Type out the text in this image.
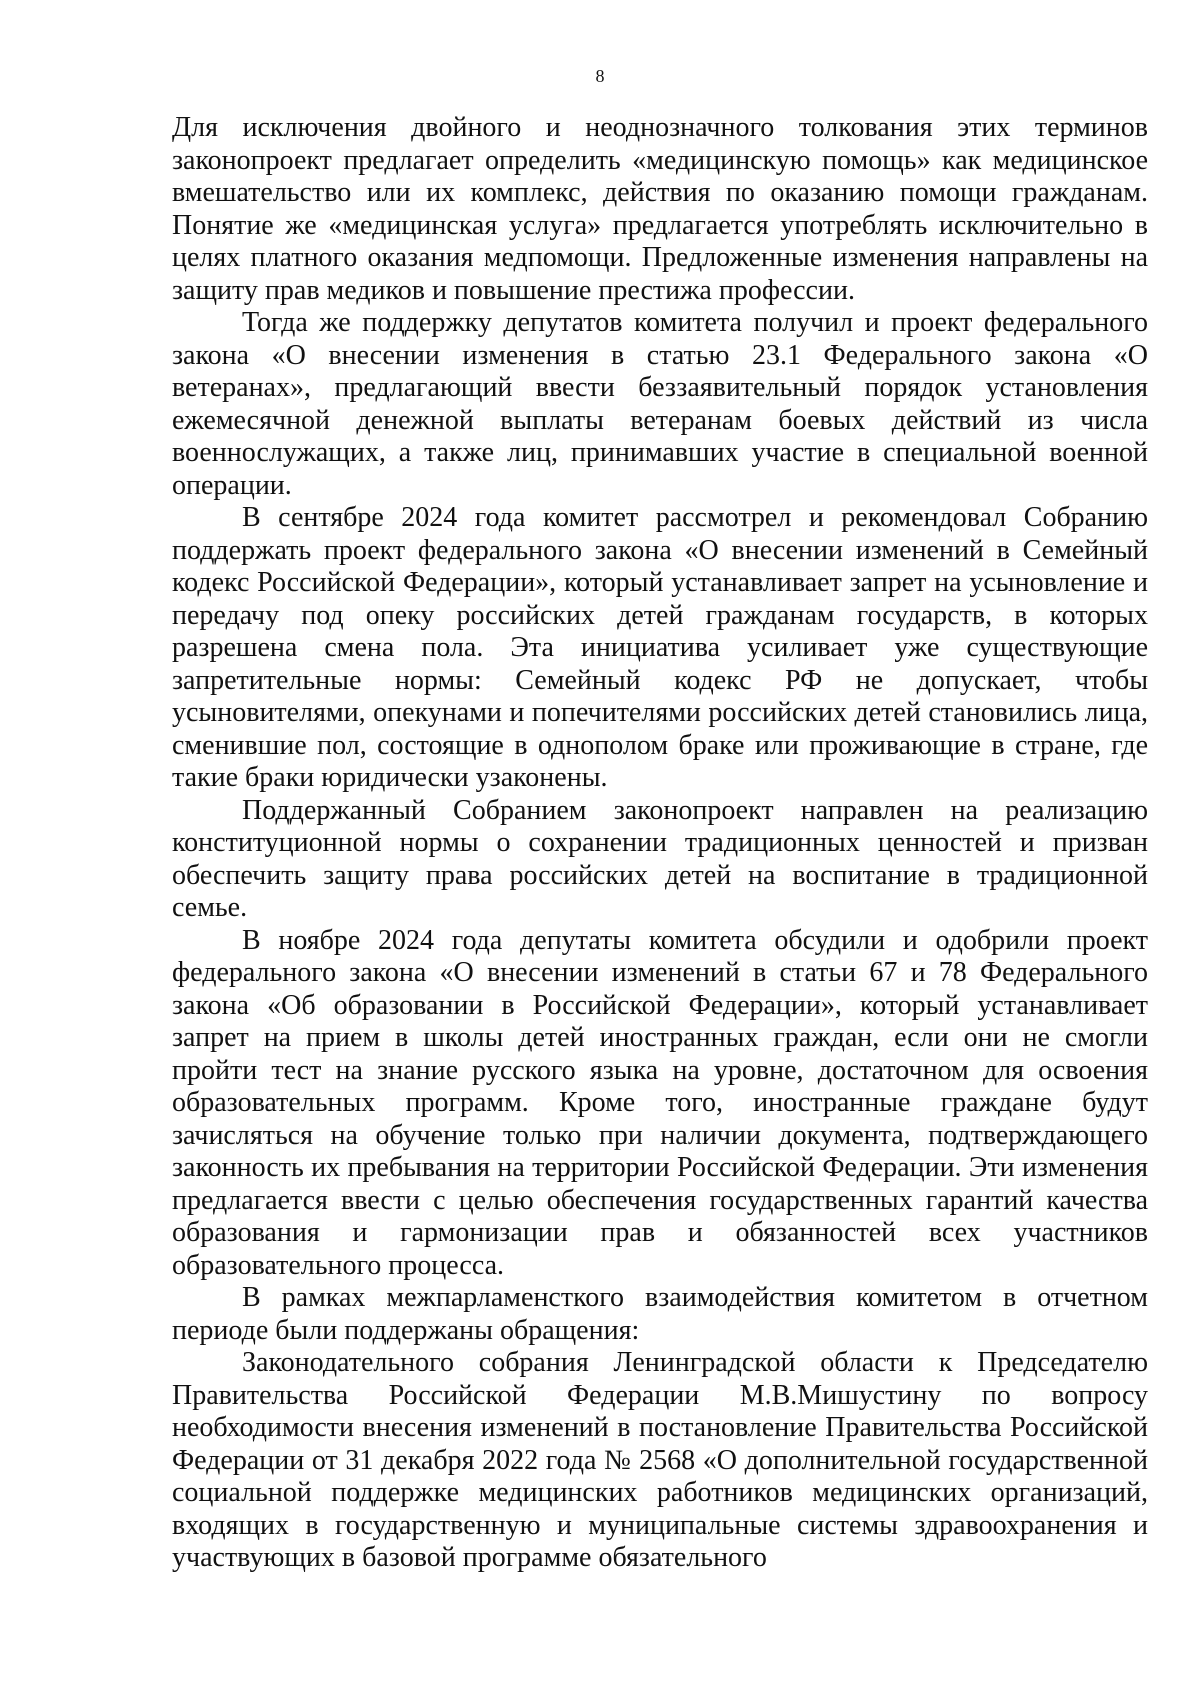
8

Для исключения двойного и неоднозначного толкования этих терминов законопроект предлагает определить «медицинскую помощь» как медицинское вмешательство или их комплекс, действия по оказанию помощи гражданам. Понятие же «медицинская услуга» предлагается употреблять исключительно в целях платного оказания медпомощи. Предложенные изменения направлены на защиту прав медиков и повышение престижа профессии.

Тогда же поддержку депутатов комитета получил и проект федерального закона «О внесении изменения в статью 23.1 Федерального закона «О ветеранах», предлагающий ввести беззаявительный порядок установления ежемесячной денежной выплаты ветеранам боевых действий из числа военнослужащих, а также лиц, принимавших участие в специальной военной операции.

В сентябре 2024 года комитет рассмотрел и рекомендовал Собранию поддержать проект федерального закона «О внесении изменений в Семейный кодекс Российской Федерации», который устанавливает запрет на усыновление и передачу под опеку российских детей гражданам государств, в которых разрешена смена пола. Эта инициатива усиливает уже существующие запретительные нормы: Семейный кодекс РФ не допускает, чтобы усыновителями, опекунами и попечителями российских детей становились лица, сменившие пол, состоящие в однополом браке или проживающие в стране, где такие браки юридически узаконены.

Поддержанный Собранием законопроект направлен на реализацию конституционной нормы о сохранении традиционных ценностей и призван обеспечить защиту права российских детей на воспитание в традиционной семье.

В ноябре 2024 года депутаты комитета обсудили и одобрили проект федерального закона «О внесении изменений в статьи 67 и 78 Федерального закона «Об образовании в Российской Федерации», который устанавливает запрет на прием в школы детей иностранных граждан, если они не смогли пройти тест на знание русского языка на уровне, достаточном для освоения образовательных программ. Кроме того, иностранные граждане будут зачисляться на обучение только при наличии документа, подтверждающего законность их пребывания на территории Российской Федерации. Эти изменения предлагается ввести с целью обеспечения государственных гарантий качества образования и гармонизации прав и обязанностей всех участников образовательного процесса.

В рамках межпарламенсткого взаимодействия комитетом в отчетном периоде были поддержаны обращения:

Законодательного собрания Ленинградской области к Председателю Правительства Российской Федерации М.В.Мишустину по вопросу необходимости внесения изменений в постановление Правительства Российской Федерации от 31 декабря 2022 года № 2568 «О дополнительной государственной социальной поддержке медицинских работников медицинских организаций, входящих в государственную и муниципальные системы здравоохранения и участвующих в базовой программе обязательного
